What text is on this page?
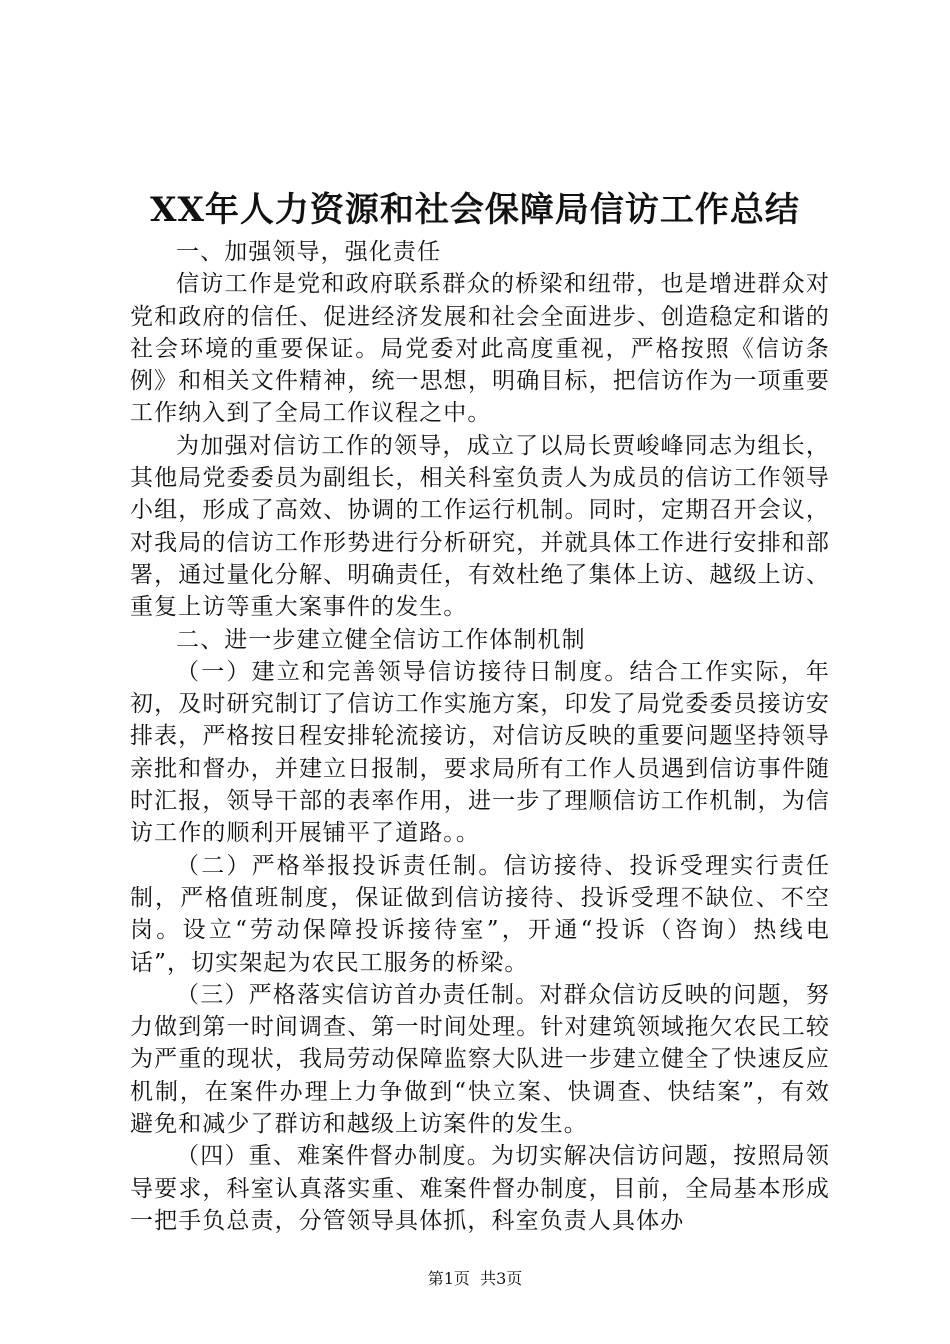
XX年人力资源和社会保障局信访工作总结

一、加强领导，强化责任

信访工作是党和政府联系群众的桥梁和纽带，也是增进群众对党和政府的信任、促进经济发展和社会全面进步、创造稳定和谐的社会环境的重要保证。局党委对此高度重视，严格按照《信访条例》和相关文件精神，统一思想，明确目标，把信访作为一项重要工作纳入到了全局工作议程之中。

为加强对信访工作的领导，成立了以局长贾峻峰同志为组长，其他局党委委员为副组长，相关科室负责人为成员的信访工作领导小组，形成了高效、协调的工作运行机制。同时，定期召开会议，对我局的信访工作形势进行分析研究，并就具体工作进行安排和部署，通过量化分解、明确责任，有效杜绝了集体上访、越级上访、重复上访等重大案事件的发生。

二、进一步建立健全信访工作体制机制

（一）建立和完善领导信访接待日制度。结合工作实际，年初，及时研究制订了信访工作实施方案，印发了局党委委员接访安排表，严格按日程安排轮流接访，对信访反映的重要问题坚持领导亲批和督办，并建立日报制，要求局所有工作人员遇到信访事件随时汇报，领导干部的表率作用，进一步了理顺信访工作机制，为信访工作的顺利开展铺平了道路。。

（二）严格举报投诉责任制。信访接待、投诉受理实行责任制，严格值班制度，保证做到信访接待、投诉受理不缺位、不空岗。设立“劳动保障投诉接待室”，开通“投诉（咨询）热线电话”，切实架起为农民工服务的桥梁。

（三）严格落实信访首办责任制。对群众信访反映的问题，努力做到第一时间调查、第一时间处理。针对建筑领域拖欠农民工较为严重的现状，我局劳动保障监察大队进一步建立健全了快速反应机制，在案件办理上力争做到“快立案、快调查、快结案”，有效避免和减少了群访和越级上访案件的发生。

（四）重、难案件督办制度。为切实解决信访问题，按照局领导要求，科室认真落实重、难案件督办制度，目前，全局基本形成一把手负总责，分管领导具体抓，科室负责人具体办

第1页  共3页
